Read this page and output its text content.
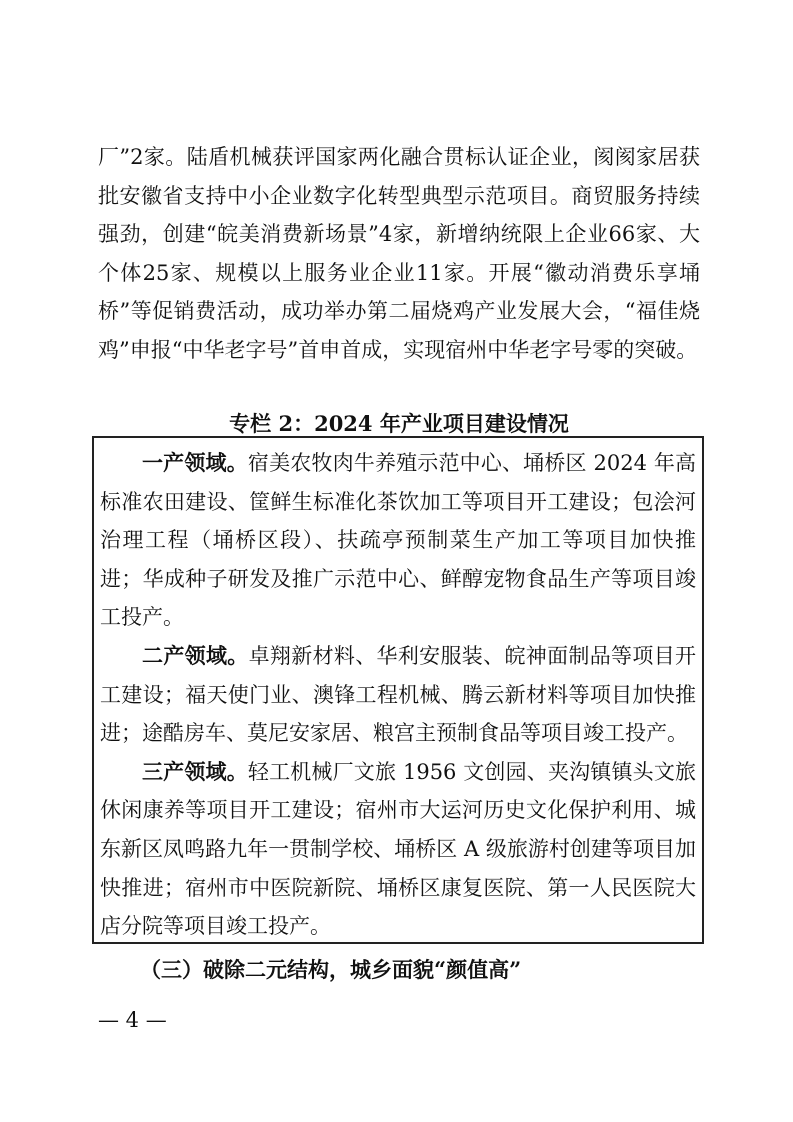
厂”2家。陆盾机械获评国家两化融合贯标认证企业，阂阂家居获批安徽省支持中小企业数字化转型典型示范项目。商贸服务持续强劲，创建“皖美消费新场景”4家，新增纳统限上企业66家、大个体25家、规模以上服务业企业11家。开展“徽动消费乐享埇桥”等促销费活动，成功举办第二届烧鸡产业发展大会，“福佳烧鸡”申报“中华老字号”首申首成，实现宿州中华老字号零的突破。

专栏 2：2024 年产业项目建设情况

一产领域。宿美农牧肉牛养殖示范中心、埇桥区 2024 年高标准农田建设、筐鲜生标准化茶饮加工等项目开工建设；包浍河治理工程（埇桥区段）、扶疏亭预制菜生产加工等项目加快推进；华成种子研发及推广示范中心、鲜醇宠物食品生产等项目竣工投产。

二产领域。卓翔新材料、华利安服装、皖神面制品等项目开工建设；福天使门业、澳锋工程机械、腾云新材料等项目加快推进；途酷房车、莫尼安家居、粮宫主预制食品等项目竣工投产。

三产领域。轻工机械厂文旅 1956 文创园、夹沟镇镇头文旅休闲康养等项目开工建设；宿州市大运河历史文化保护利用、城东新区凤鸣路九年一贯制学校、埇桥区 A 级旅游村创建等项目加快推进；宿州市中医院新院、埇桥区康复医院、第一人民医院大店分院等项目竣工投产。

（三）破除二元结构，城乡面貌“颜值高”

— 4 —
